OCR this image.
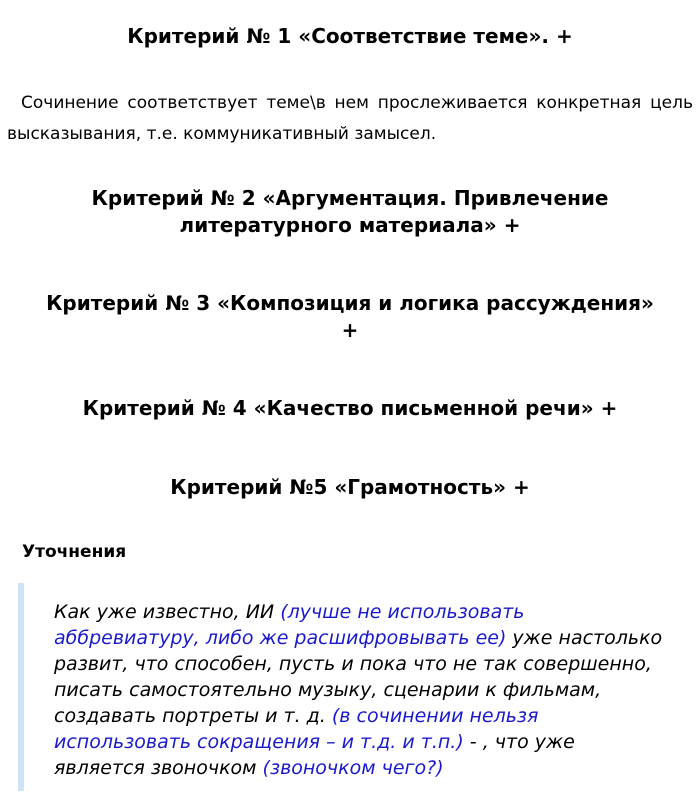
Критерий № 1 «Соответствие теме». +

Сочинение соответствует теме\в нем прослеживается конкретная цель высказывания, т.е. коммуникативный замысел.

Критерий № 2 «Аргументация. Привлечение
литературного материала» +
Критерий № 3 «Композиция и логика рассуждения»
+
Критерий № 4 «Качество письменной речи» +
Критерий №5 «Грамотность» +
Уточнения

Как уже известно, ИИ (лучше не использовать аббревиатуру, либо же расшифровывать ее) уже настолько развит, что способен, пусть и пока что не так совершенно, писать самостоятельно музыку, сценарии к фильмам, создавать портреты и т. д. (в сочинении нельзя использовать сокращения – и т.д. и т.п.) - , что уже является звоночком (звоночком чего?)
